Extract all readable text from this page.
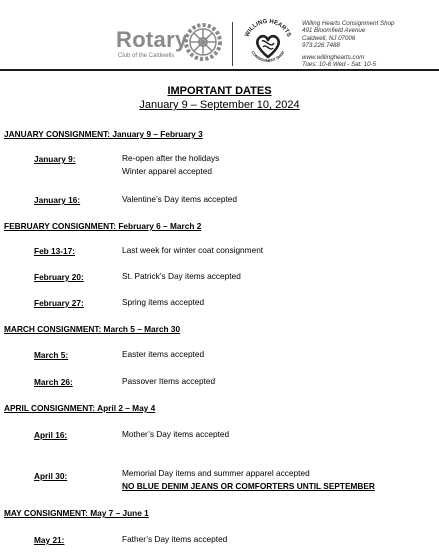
Rotary
Club of the Caldwells
WILLING HEARTS
CONSIGNMENT SHOP
Willing Hearts Consignment Shop
491 Bloomfield Avenue
Caldwell, NJ 07006
973.226.7488
www.willinghearts.com
Tues: 10-8 Wed - Sat: 10-5
IMPORTANT DATES
January 9 – September 10, 2024
JANUARY CONSIGNMENT: January 9 – February 3
January 9:	Re-open after the holidays
Winter apparel accepted
January 16:	Valentine’s Day items accepted
FEBRUARY CONSIGNMENT: February 6 – March 2
Feb 13-17:	Last week for winter coat consignment
February 20:	St. Patrick’s Day items accepted
February 27:	Spring items accepted
MARCH CONSIGNMENT: March 5 – March 30
March 5:	Easter items accepted
March 26:	Passover Items accepted
APRIL CONSIGNMENT: April 2 – May 4
April 16:	Mother’s Day items accepted
April 30:	Memorial Day items and summer apparel accepted
NO BLUE DENIM JEANS OR COMFORTERS UNTIL SEPTEMBER
MAY CONSIGNMENT: May 7 – June 1
May 21:	Father’s Day items accepted
